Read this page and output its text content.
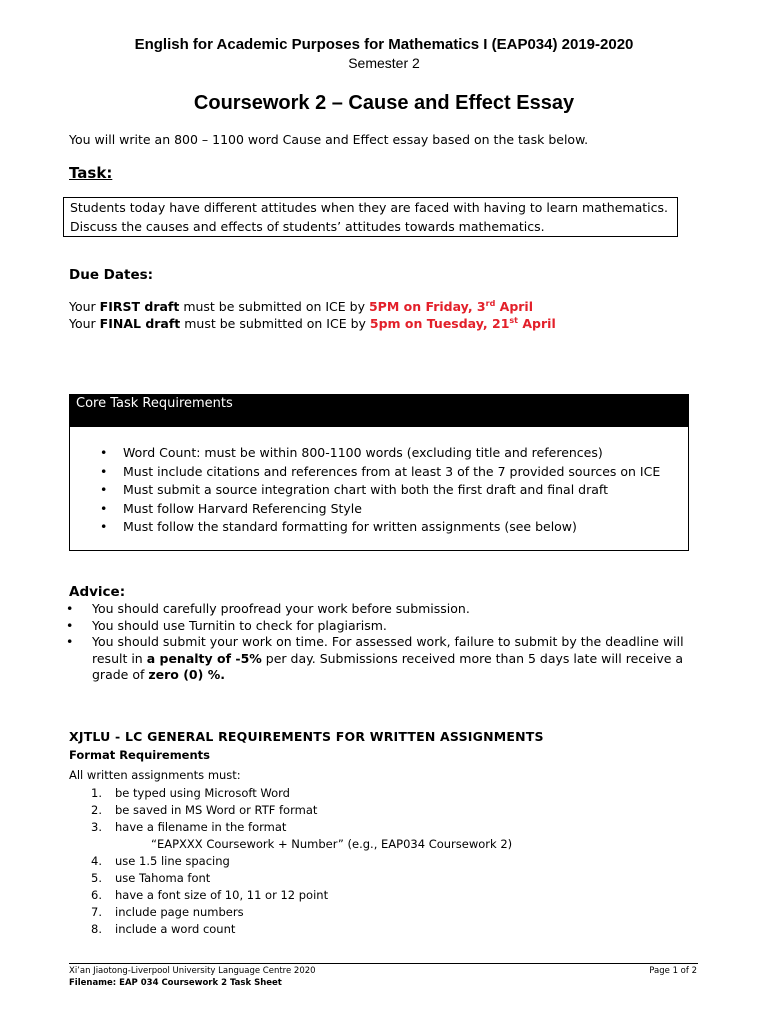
English for Academic Purposes for Mathematics I (EAP034) 2019-2020
Semester 2
Coursework 2 – Cause and Effect Essay
You will write an 800 – 1100 word Cause and Effect essay based on the task below.
Task:

Students today have different attitudes when they are faced with having to learn mathematics.

Discuss the causes and effects of students’ attitudes towards mathematics.

Due Dates:
Your FIRST draft must be submitted on ICE by 5PM on Friday, 3rd April
Your FINAL draft must be submitted on ICE by 5pm on Tuesday, 21st April
Core Task Requirements
• Word Count: must be within 800-1100 words (excluding title and references)
• Must include citations and references from at least 3 of the 7 provided sources on ICE
• Must submit a source integration chart with both the first draft and final draft
• Must follow Harvard Referencing Style
• Must follow the standard formatting for written assignments (see below)
Advice:
• You should carefully proofread your work before submission.
• You should use Turnitin to check for plagiarism.
• You should submit your work on time. For assessed work, failure to submit by the deadline will result in a penalty of -5% per day. Submissions received more than 5 days late will receive a grade of zero (0) %.
XJTLU - LC GENERAL REQUIREMENTS FOR WRITTEN ASSIGNMENTS
Format Requirements
All written assignments must:
1. be typed using Microsoft Word
2. be saved in MS Word or RTF format
3. have a filename in the format
“EAPXXX Coursework + Number” (e.g., EAP034 Coursework 2)
4. use 1.5 line spacing
5. use Tahoma font
6. have a font size of 10, 11 or 12 point
7. include page numbers
8. include a word count
Xi’an Jiaotong-Liverpool University Language Centre 2020
Filename: EAP 034 Coursework 2 Task Sheet
Page 1 of 2
